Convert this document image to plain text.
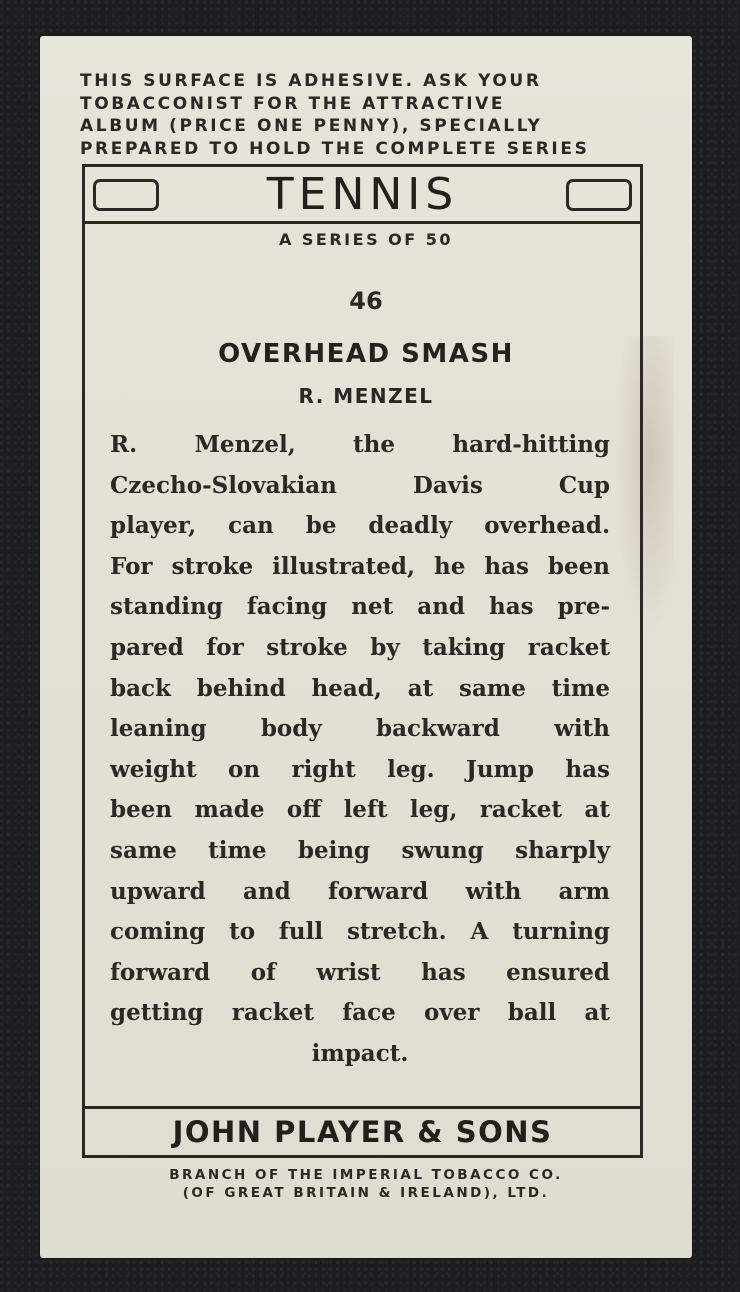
THIS SURFACE IS ADHESIVE. ASK YOUR
TOBACCONIST FOR THE ATTRACTIVE
ALBUM (PRICE ONE PENNY), SPECIALLY
PREPARED TO HOLD THE COMPLETE SERIES
TENNIS
A SERIES OF 50
46
OVERHEAD SMASH
R. MENZEL
R. Menzel, the hard-hitting
Czecho-Slovakian Davis Cup
player, can be deadly overhead.
For stroke illustrated, he has been
standing facing net and has pre-
pared for stroke by taking racket
back behind head, at same time
leaning body backward with
weight on right leg. Jump has
been made off left leg, racket at
same time being swung sharply
upward and forward with arm
coming to full stretch. A turning
forward of wrist has ensured
getting racket face over ball at
impact.
JOHN PLAYER & SONS
BRANCH OF THE IMPERIAL TOBACCO CO.
(OF GREAT BRITAIN & IRELAND), LTD.
